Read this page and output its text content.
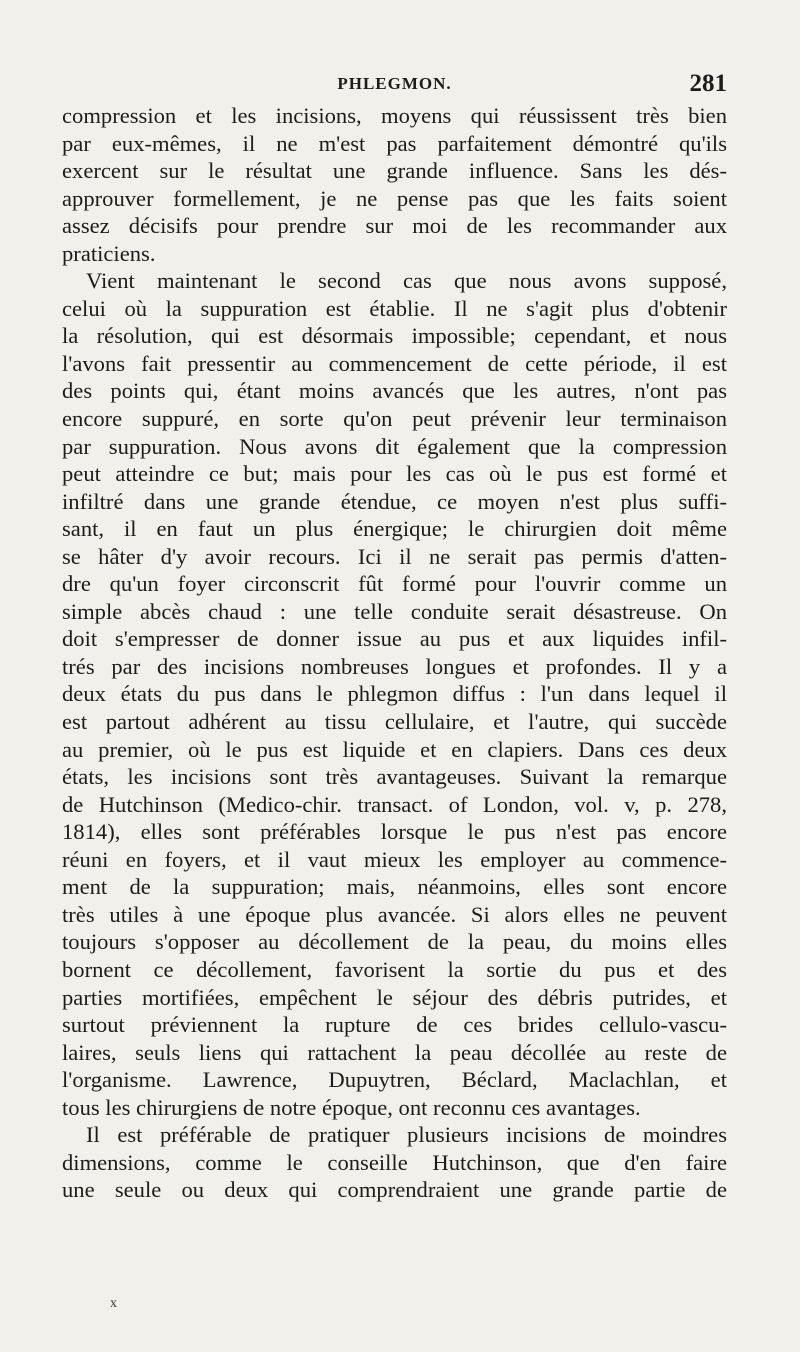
PHLEGMON.	281
compression et les incisions, moyens qui réussissent très bien
par eux-mêmes, il ne m'est pas parfaitement démontré qu'ils
exercent sur le résultat une grande influence. Sans les dés-
approuver formellement, je ne pense pas que les faits soient
assez décisifs pour prendre sur moi de les recommander aux
praticiens.
Vient maintenant le second cas que nous avons supposé,
celui où la suppuration est établie. Il ne s'agit plus d'obtenir
la résolution, qui est désormais impossible; cependant, et nous
l'avons fait pressentir au commencement de cette période, il est
des points qui, étant moins avancés que les autres, n'ont pas
encore suppuré, en sorte qu'on peut prévenir leur terminaison
par suppuration. Nous avons dit également que la compression
peut atteindre ce but; mais pour les cas où le pus est formé et
infiltré dans une grande étendue, ce moyen n'est plus suffi-
sant, il en faut un plus énergique; le chirurgien doit même
se hâter d'y avoir recours. Ici il ne serait pas permis d'atten-
dre qu'un foyer circonscrit fût formé pour l'ouvrir comme un
simple abcès chaud : une telle conduite serait désastreuse. On
doit s'empresser de donner issue au pus et aux liquides infil-
trés par des incisions nombreuses longues et profondes. Il y a
deux états du pus dans le phlegmon diffus : l'un dans lequel il
est partout adhérent au tissu cellulaire, et l'autre, qui succède
au premier, où le pus est liquide et en clapiers. Dans ces deux
états, les incisions sont très avantageuses. Suivant la remarque
de Hutchinson (Medico-chir. transact. of London, vol. v, p. 278,
1814), elles sont préférables lorsque le pus n'est pas encore
réuni en foyers, et il vaut mieux les employer au commence-
ment de la suppuration; mais, néanmoins, elles sont encore
très utiles à une époque plus avancée. Si alors elles ne peuvent
toujours s'opposer au décollement de la peau, du moins elles
bornent ce décollement, favorisent la sortie du pus et des
parties mortifiées, empêchent le séjour des débris putrides, et
surtout préviennent la rupture de ces brides cellulo-vascu-
laires, seuls liens qui rattachent la peau décollée au reste de
l'organisme. Lawrence, Dupuytren, Béclard, Maclachlan, et
tous les chirurgiens de notre époque, ont reconnu ces avantages.
Il est préférable de pratiquer plusieurs incisions de moindres
dimensions, comme le conseille Hutchinson, que d'en faire
une seule ou deux qui comprendraient une grande partie de
x
